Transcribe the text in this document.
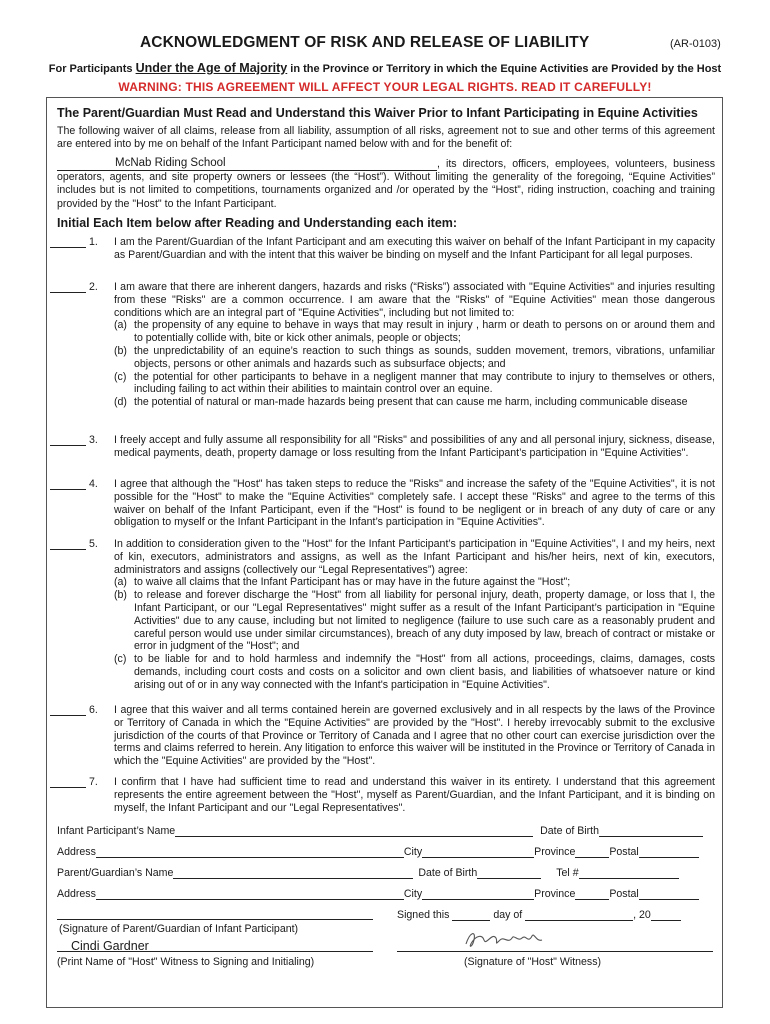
ACKNOWLEDGMENT OF RISK AND RELEASE OF LIABILITY	(AR-0103)
For Participants Under the Age of Majority in the Province or Territory in which the Equine Activities are Provided by the Host
WARNING: THIS AGREEMENT WILL AFFECT YOUR LEGAL RIGHTS. READ IT CAREFULLY!
The Parent/Guardian Must Read and Understand this Waiver Prior to Infant Participating in Equine Activities
The following waiver of all claims, release from all liability, assumption of all risks, agreement not to sue and other terms of this agreement are entered into by me on behalf of the Infant Participant named below with and for the benefit of:
McNab Riding School	, its directors, officers, employees, volunteers, business operators, agents, and site property owners or lessees (the “Host”). Without limiting the generality of the foregoing, “Equine Activities” includes but is not limited to competitions, tournaments organized and /or operated by the “Host”, riding instruction, coaching and training provided by the "Host" to the Infant Participant.
Initial Each Item below after Reading and Understanding each item:
1. I am the Parent/Guardian of the Infant Participant and am executing this waiver on behalf of the Infant Participant in my capacity as Parent/Guardian and with the intent that this waiver be binding on myself and the Infant Participant for all legal purposes.
2. I am aware that there are inherent dangers, hazards and risks (“Risks”) associated with "Equine Activities" and injuries resulting from these "Risks" are a common occurrence. I am aware that the "Risks" of "Equine Activities" mean those dangerous conditions which are an integral part of "Equine Activities", including but not limited to:
(a) the propensity of any equine to behave in ways that may result in injury , harm or death to persons on or around them and to potentially collide with, bite or kick other animals, people or objects;
(b) the unpredictability of an equine’s reaction to such things as sounds, sudden movement, tremors, vibrations, unfamiliar objects, persons or other animals and hazards such as subsurface objects; and
(c) the potential for other participants to behave in a negligent manner that may contribute to injury to themselves or others, including failing to act within their abilities to maintain control over an equine.
(d) the potential of natural or man-made hazards being present that can cause me harm, including communicable disease
3. I freely accept and fully assume all responsibility for all "Risks" and possibilities of any and all personal injury, sickness, disease, medical payments, death, property damage or loss resulting from the Infant Participant’s participation in "Equine Activities".
4. I agree that although the "Host" has taken steps to reduce the "Risks" and increase the safety of the "Equine Activities", it is not possible for the "Host" to make the "Equine Activities" completely safe. I accept these "Risks" and agree to the terms of this waiver on behalf of the Infant Participant, even if the "Host" is found to be negligent or in breach of any duty of care or any obligation to myself or the Infant Participant in the Infant’s participation in "Equine Activities".
5. In addition to consideration given to the "Host" for the Infant Participant’s participation in "Equine Activities", I and my heirs, next of kin, executors, administrators and assigns, as well as the Infant Participant and his/her heirs, next of kin, executors, administrators and assigns (collectively our “Legal Representatives”) agree:
(a) to waive all claims that the Infant Participant has or may have in the future against the "Host";
(b) to release and forever discharge the "Host" from all liability for personal injury, death, property damage, or loss that I, the Infant Participant, or our "Legal Representatives" might suffer as a result of the Infant Participant’s participation in "Equine Activities" due to any cause, including but not limited to negligence (failure to use such care as a reasonably prudent and careful person would use under similar circumstances), breach of any duty imposed by law, breach of contract or mistake or error in judgment of the "Host"; and
(c) to be liable for and to hold harmless and indemnify the "Host" from all actions, proceedings, claims, damages, costs demands, including court costs and costs on a solicitor and own client basis, and liabilities of whatsoever nature or kind arising out of or in any way connected with the Infant's participation in "Equine Activities".
6. I agree that this waiver and all terms contained herein are governed exclusively and in all respects by the laws of the Province or Territory of Canada in which the "Equine Activities" are provided by the "Host". I hereby irrevocably submit to the exclusive jurisdiction of the courts of that Province or Territory of Canada and I agree that no other court can exercise jurisdiction over the terms and claims referred to herein. Any litigation to enforce this waiver will be instituted in the Province or Territory of Canada in which the "Equine Activities" are provided by the "Host".
7. I confirm that I have had sufficient time to read and understand this waiver in its entirety. I understand that this agreement represents the entire agreement between the "Host", myself as Parent/Guardian, and the Infant Participant, and it is binding on myself, the Infant Participant and our "Legal Representatives".
Infant Participant’s Name	Date of Birth
Address	City	Province	Postal
Parent/Guardian’s Name	Date of Birth	Tel #
Address	City	Province	Postal
Signed this	day of	, 20
(Signature of Parent/Guardian of Infant Participant)
Cindi Gardner
(Print Name of "Host" Witness to Signing and Initialing)	(Signature of "Host" Witness)
